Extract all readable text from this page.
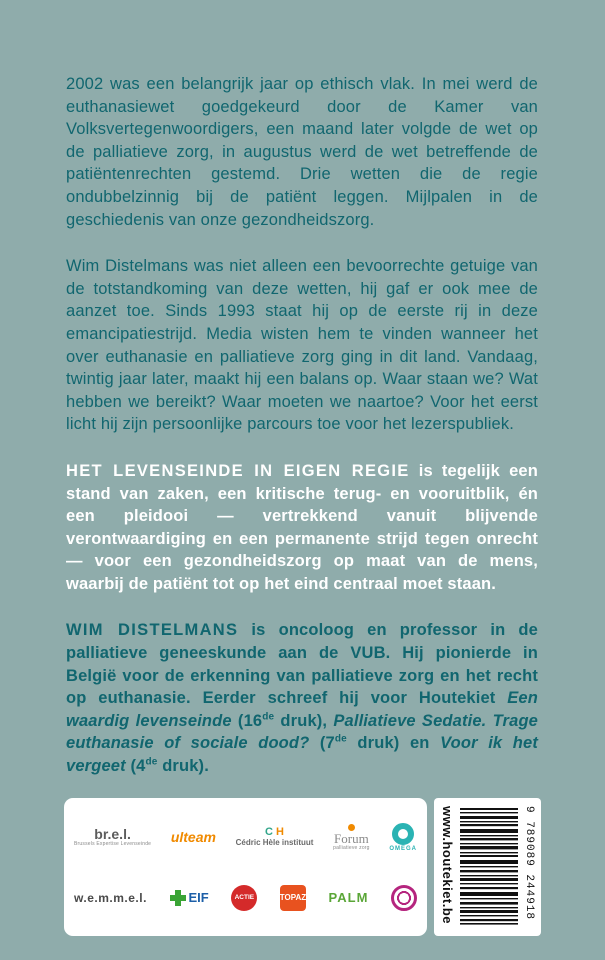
2002 was een belangrijk jaar op ethisch vlak. In mei werd de euthanasiewet goedgekeurd door de Kamer van Volksvertegenwoordigers, een maand later volgde de wet op de palliatieve zorg, in augustus werd de wet betreffende de patiëntenrechten gestemd. Drie wetten die de regie ondubbelzinnig bij de patiënt leggen. Mijlpalen in de geschiedenis van onze gezondheidszorg.

Wim Distelmans was niet alleen een bevoorrechte getuige van de totstandkoming van deze wetten, hij gaf er ook mee de aanzet toe. Sinds 1993 staat hij op de eerste rij in deze emancipatiestrijd. Media wisten hem te vinden wanneer het over euthanasie en palliatieve zorg ging in dit land. Vandaag, twintig jaar later, maakt hij een balans op. Waar staan we? Wat hebben we bereikt? Waar moeten we naartoe? Voor het eerst licht hij zijn persoonlijke parcours toe voor het lezerspubliek.

HET LEVENSEINDE IN EIGEN REGIE is tegelijk een stand van zaken, een kritische terug- en vooruitblik, én een pleidooi — vertrekkend vanuit blijvende verontwaardiging en een permanente strijd tegen onrecht — voor een gezondheidszorg op maat van de mens, waarbij de patiënt tot op het eind centraal moet staan.

WIM DISTELMANS is oncoloog en professor in de palliatieve geneeskunde aan de VUB. Hij pionierde in België voor de erkenning van palliatieve zorg en het recht op euthanasie. Eerder schreef hij voor Houtekiet Een waardig levenseinde (16de druk), Palliatieve Sedatie. Trage euthanasie of sociale dood? (7de druk) en Voor ik het vergeet (4de druk).

br.e.l.
Brussels Expertise Levenseinde ulteam	C H
Cédric Hèle instituut Forum
palliatieve zorg	OMEGA
w.e.m.m.e.l.	EIF	ACTIE	TOPAZ PALM	www.houtekiet.be	9 789089 244918
